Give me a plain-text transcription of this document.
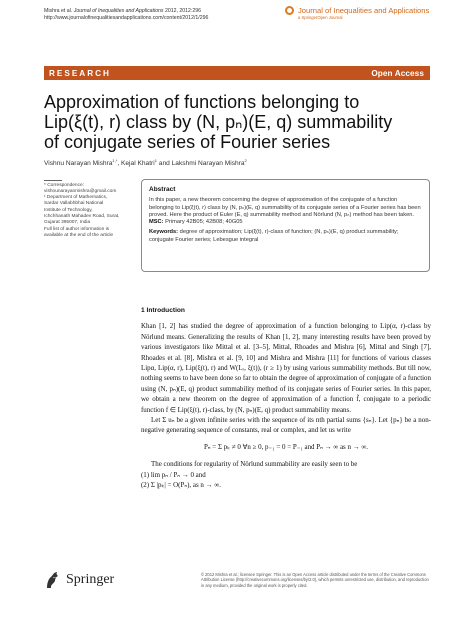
Mishra et al. Journal of Inequalities and Applications 2012, 2012:296
http://www.journalofinequalitiesandapplications.com/content/2012/1/296
Journal of Inequalities and Applications
a SpringerOpen Journal
RESEARCH	Open Access
Approximation of functions belonging to
Lip(ξ(t), r) class by (N, pₙ)(E, q) summability
of conjugate series of Fourier series
Vishnu Narayan Mishra$^{1,*}$, Kejal Khatri$^1$ and Lakshmi Narayan Mishra$^2$

* Correspondence:

vishnunarayanmishra@gmail.com

¹ Department of Mathematics,

Sardar Vallabhbhai National

Institute of Technology,

Ichchhanath Mahadev Road, Surat,

Gujarat 395007, India

Full list of author information is

available at the end of the article

Abstract
In this paper, a new theorem concerning the degree of approximation of the conjugate of a function belonging to Lip(ξ(t), r) class by (N, pₙ)(E, q) summability of its conjugate series of a Fourier series has been proved. Here the product of Euler (E, q) summability method and Nörlund (N, pₙ) method has been taken.
MSC: Primary 42B05; 42B08; 40G05
Keywords: degree of approximation; Lip(ξ(t), r)-class of function; (N, pₙ)(E, q) product summability; conjugate Fourier series; Lebesgue integral
1 Introduction

Khan [1, 2] has studied the degree of approximation of a function belonging to Lip(α, r)-class by Nörlund means. Generalizing the results of Khan [1, 2], many interesting results have been proved by various investigators like Mittal et al. [3–5], Mittal, Rhoades and Mishra [6], Mittal and Singh [7], Rhoades et al. [8], Mishra et al. [9, 10] and Mishra and Mishra [11] for functions of various classes Lipα, Lip(α, r), Lip(ξ(t), r) and W(Lᵣ, ξ(t)), (r ≥ 1) by using various summability methods. But till now, nothing seems to have been done so far to obtain the degree of approximation of conjugate of a function using (N, pₙ)(E, q) product summability method of its conjugate series of Fourier series. In this paper, we obtain a new theorem on the degree of approximation of a function f̃, conjugate to a periodic function f ∈ Lip(ξ(t), r)-class, by (N, pₙ)(E, q) product summability means.

Let Σ uₙ be a given infinite series with the sequence of its nth partial sums {sₙ}. Let {pₙ} be a non-negative generating sequence of constants, real or complex, and let us write

Pₙ = Σ pₖ ≠ 0 ∀n ≥ 0, p₋₁ = 0 = P₋₁ and Pₙ → ∞ as n → ∞.

The conditions for regularity of Nörlund summability are easily seen to be

(1) lim pₙ / Pₙ → 0 and

(2) Σ |pₖ| = O(Pₙ), as n → ∞.

Springer	© 2012 Mishra et al.; licensee Springer. This is an Open Access article distributed under the terms of the Creative Commons Attribution License (http://creativecommons.org/licenses/by/2.0), which permits unrestricted use, distribution, and reproduction in any medium, provided the original work is properly cited.
